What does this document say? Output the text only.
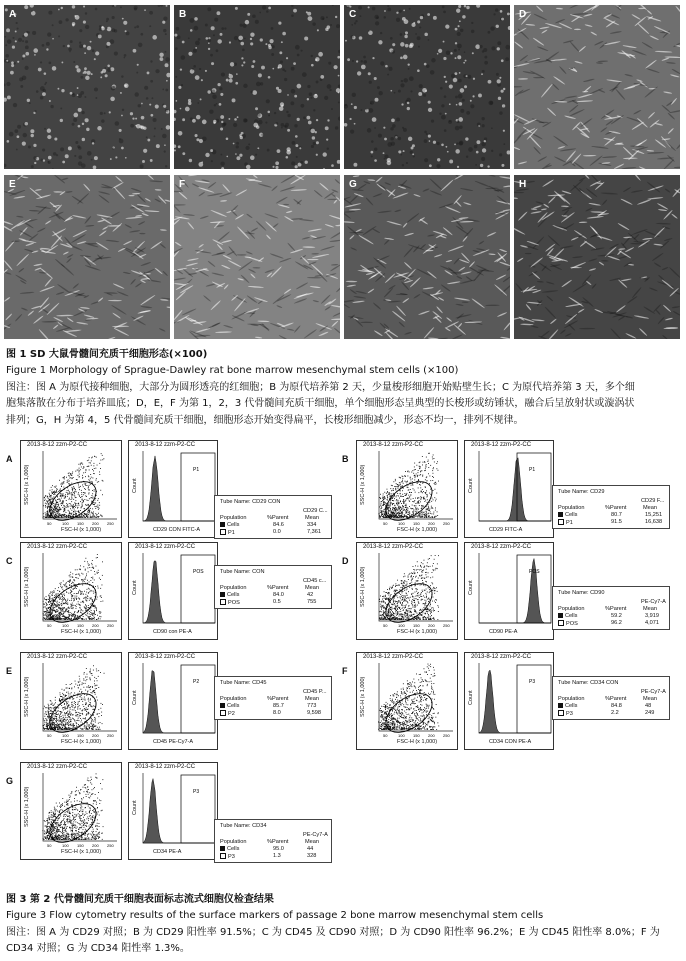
A	B	C	D
E	F	G	H
图 1 SD 大鼠骨髓间充质干细胞形态(×100)
Figure 1 Morphology of Sprague-Dawley rat bone marrow mesenchymal stem cells (×100)
图注：图 A 为原代接种细胞，大部分为圆形透亮的红细胞；B 为原代培养第 2 天，少量梭形细胞开始贴壁生长；C 为原代培养第 3 天，多个细
胞集落散在分布于培养皿底；D，E，F 为第 1，2，3 代骨髓间充质干细胞，单个细胞形态呈典型的长梭形或纺锤状，融合后呈放射状或漩涡状
排列；G，H 为第 4，5 代骨髓间充质干细胞，细胞形态开始变得扁平，长梭形细胞减少，形态不均一，排列不规律。
A
2013-8-12 zzm-P2-CC
50	100 150 200 250
SSC-H (x 1,000)
FSC-H (x 1,000)
2013-8-12 zzm-P2-CC
P1
Count
CD29 CON FITC-A
Tube Name: CD29 CON
CD29 C...
Population	%Parent	Mean
Cells	84.6	334
P1	0.0	7,361
B
2013-8-12 zzm-P2-CC
50	100 150 200 250
SSC-H (x 1,000)
FSC-H (x 1,000)
2013-8-12 zzm-P2-CC
P1
Count
CD29 FITC-A
Tube Name: CD29
CD29 F...
Population	%Parent	Mean
Cells	80.7	15,251
P1	91.5	16,638
C
2013-8-12 zzm-P2-CC
50	100 150 200 250
SSC-H (x 1,000)
FSC-H (x 1,000)
2013-8-12 zzm-P2-CC
POS
Count
CD90 con PE-A
Tube Name: CON
CD45 c...
Population	%Parent	Mean
Cells	84.0	42
POS	0.5	755
D
2013-8-12 zzm-P2-CC
50	100 150 200 250
SSC-H (x 1,000)
FSC-H (x 1,000)
2013-8-12 zzm-P2-CC
POS
Count
CD90 PE-A
Tube Name: CD90
PE-Cy7-A
Population	%Parent	Mean
Cells	59.2	3,919
POS	96.2	4,071
E
2013-8-12 zzm-P2-CC
50	100 150 200 250
SSC-H (x 1,000)
FSC-H (x 1,000)
2013-8-12 zzm-P2-CC
P2
Count
CD45 PE-Cy7-A
Tube Name: CD45
CD45 P...
Population	%Parent	Mean
Cells	85.7	773
P2	8.0	9,598
F
2013-8-12 zzm-P2-CC
50	100 150 200 250
SSC-H (x 1,000)
FSC-H (x 1,000)
2013-8-12 zzm-P2-CC
P3
Count
CD34 CON PE-A
Tube Name: CD34 CON
PE-Cy7-A
Population	%Parent	Mean
Cells	84.8	48
P3	2.2	249
G
2013-8-12 zzm-P2-CC
50	100 150 200 250
SSC-H (x 1,000)
FSC-H (x 1,000)
2013-8-12 zzm-P2-CC
P3
Count
CD34 PE-A
Tube Name: CD34
PE-Cy7-A
Population	%Parent	Mean
Cells	95.0	44
P3	1.3	328
图 3 第 2 代骨髓间充质干细胞表面标志流式细胞仪检查结果
Figure 3 Flow cytometry results of the surface markers of passage 2 bone marrow mesenchymal stem cells
图注：图 A 为 CD29 对照；B 为 CD29 阳性率 91.5%；C 为 CD45 及 CD90 对照；D 为 CD90 阳性率 96.2%；E 为 CD45 阳性率 8.0%；F 为
CD34 对照；G 为 CD34 阳性率 1.3%。
